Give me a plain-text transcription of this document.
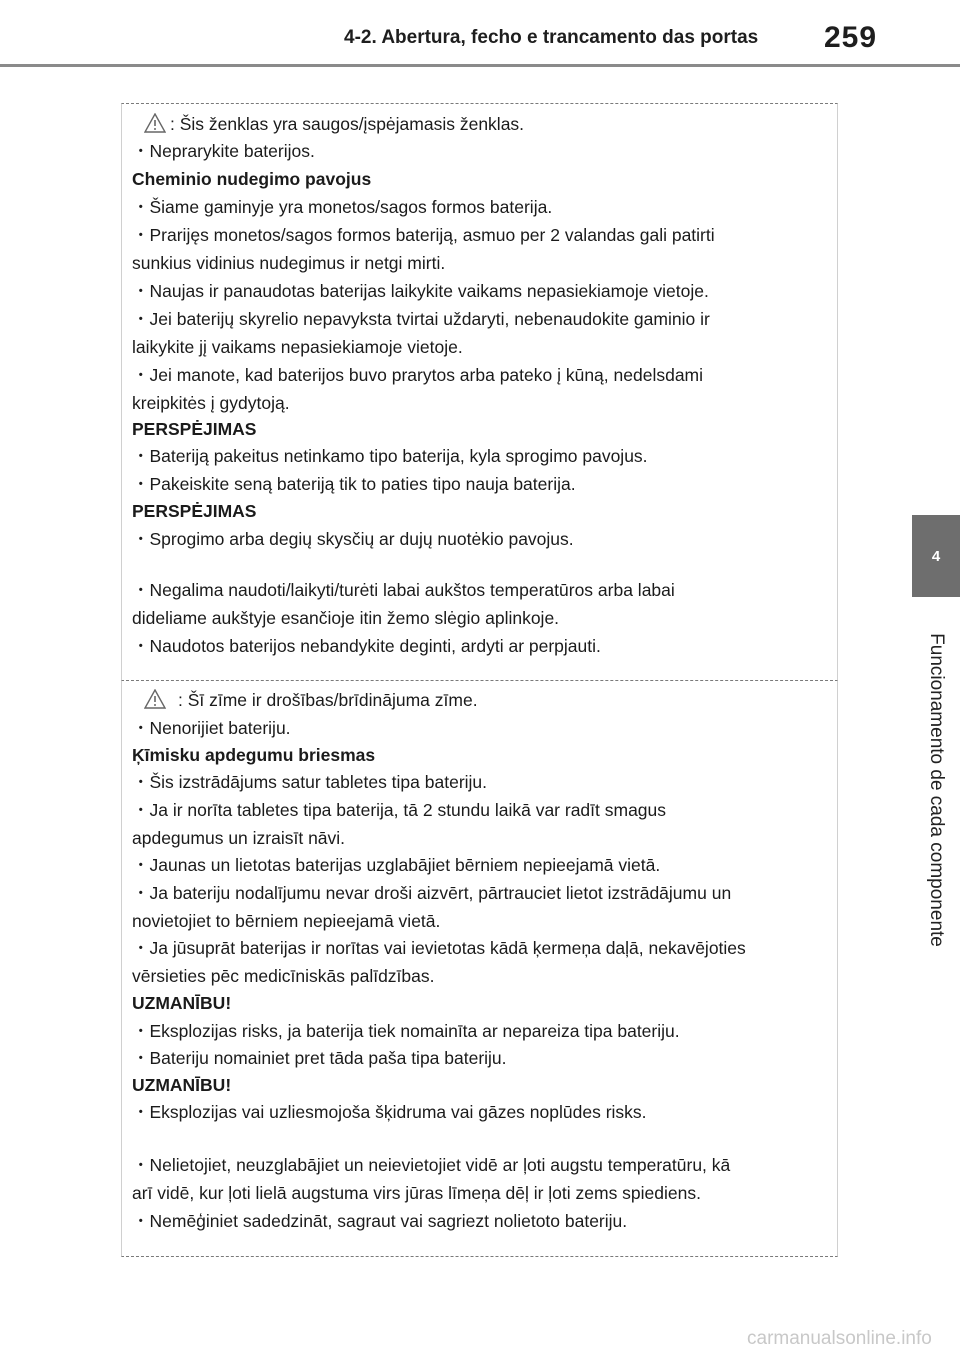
4-2. Abertura, fecho e trancamento das portas 259
4
Funcionamento de cada componente
: Šis ženklas yra saugos/įspėjamasis ženklas.
・Neprarykite baterijos.
Cheminio nudegimo pavojus
・Šiame gaminyje yra monetos/sagos formos baterija.
・Prarijęs monetos/sagos formos bateriją, asmuo per 2 valandas gali patirti
sunkius vidinius nudegimus ir netgi mirti.
・Naujas ir panaudotas baterijas laikykite vaikams nepasiekiamoje vietoje.
・Jei baterijų skyrelio nepavyksta tvirtai uždaryti, nebenaudokite gaminio ir
laikykite jį vaikams nepasiekiamoje vietoje.
・Jei manote, kad baterijos buvo prarytos arba pateko į kūną, nedelsdami
kreipkitės į gydytoją.
PERSPĖJIMAS
・Bateriją pakeitus netinkamo tipo baterija, kyla sprogimo pavojus.
・Pakeiskite seną bateriją tik to paties tipo nauja baterija.
PERSPĖJIMAS
・Sprogimo arba degių skysčių ar dujų nuotėkio pavojus.
・Negalima naudoti/laikyti/turėti labai aukštos temperatūros arba labai
dideliame aukštyje esančioje itin žemo slėgio aplinkoje.
・Naudotos baterijos nebandykite deginti, ardyti ar perpjauti.
: Šī zīme ir drošības/brīdinājuma zīme.
・Nenorijiet bateriju.
Ķīmisku apdegumu briesmas
・Šis izstrādājums satur tabletes tipa bateriju.
・Ja ir norīta tabletes tipa baterija, tā 2 stundu laikā var radīt smagus
apdegumus un izraisīt nāvi.
・Jaunas un lietotas baterijas uzglabājiet bērniem nepieejamā vietā.
・Ja bateriju nodalījumu nevar droši aizvērt, pārtrauciet lietot izstrādājumu un
novietojiet to bērniem nepieejamā vietā.
・Ja jūsuprāt baterijas ir norītas vai ievietotas kādā ķermeņa daļā, nekavējoties
vērsieties pēc medicīniskās palīdzības.
UZMANĪBU!
・Eksplozijas risks, ja baterija tiek nomainīta ar nepareiza tipa bateriju.
・Bateriju nomainiet pret tāda paša tipa bateriju.
UZMANĪBU!
・Eksplozijas vai uzliesmojoša šķidruma vai gāzes noplūdes risks.
・Nelietojiet, neuzglabājiet un neievietojiet vidē ar ļoti augstu temperatūru, kā
arī vidē, kur ļoti lielā augstuma virs jūras līmeņa dēļ ir ļoti zems spiediens.
・Nemēģiniet sadedzināt, sagraut vai sagriezt nolietoto bateriju.
carmanualsonline.info
